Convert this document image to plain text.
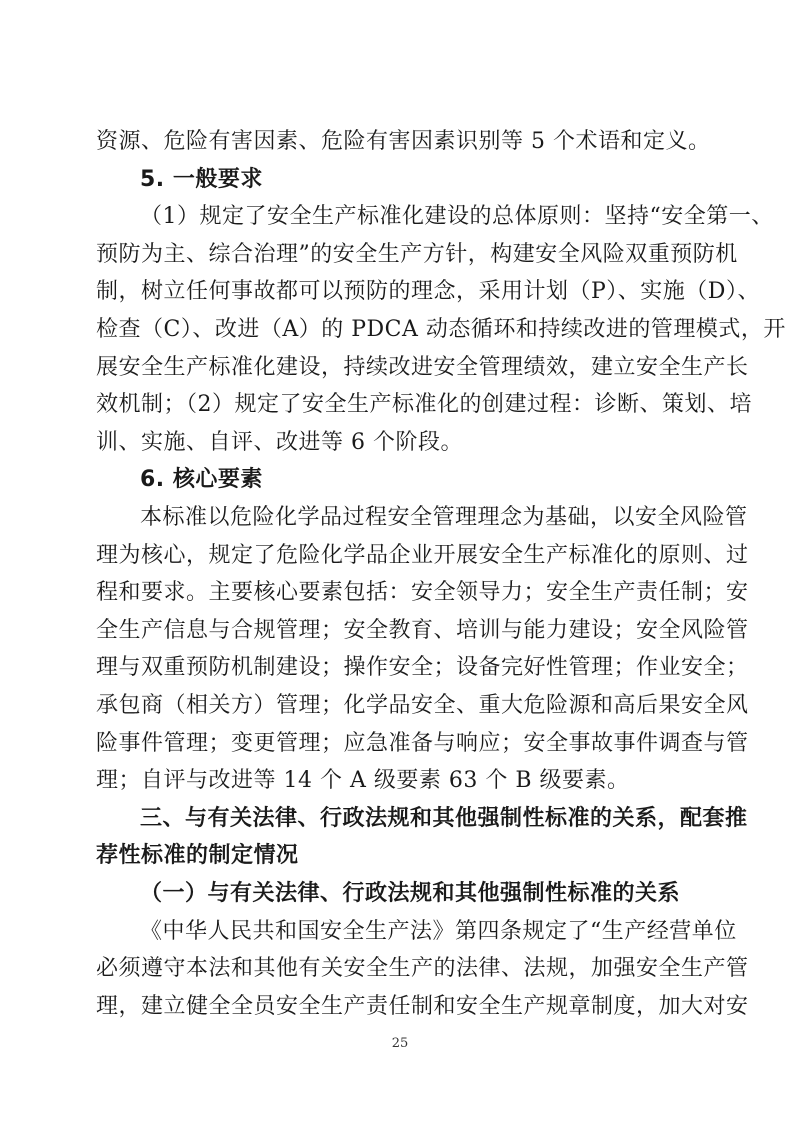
资源、危险有害因素、危险有害因素识别等 5 个术语和定义。
5. 一般要求
（1）规定了安全生产标准化建设的总体原则：坚持“安全第一、
预防为主、综合治理”的安全生产方针，构建安全风险双重预防机
制，树立任何事故都可以预防的理念，采用计划（P）、实施（D）、
检查（C）、改进（A）的 PDCA 动态循环和持续改进的管理模式，开
展安全生产标准化建设，持续改进安全管理绩效，建立安全生产长
效机制；（2）规定了安全生产标准化的创建过程：诊断、策划、培
训、实施、自评、改进等 6 个阶段。
6. 核心要素
本标准以危险化学品过程安全管理理念为基础，以安全风险管
理为核心，规定了危险化学品企业开展安全生产标准化的原则、过
程和要求。主要核心要素包括：安全领导力；安全生产责任制；安
全生产信息与合规管理；安全教育、培训与能力建设；安全风险管
理与双重预防机制建设；操作安全；设备完好性管理；作业安全；
承包商（相关方）管理；化学品安全、重大危险源和高后果安全风
险事件管理；变更管理；应急准备与响应；安全事故事件调查与管
理；自评与改进等 14 个 A 级要素 63 个 B 级要素。
三、与有关法律、行政法规和其他强制性标准的关系，配套推
荐性标准的制定情况
（一）与有关法律、行政法规和其他强制性标准的关系
《中华人民共和国安全生产法》第四条规定了“生产经营单位
必须遵守本法和其他有关安全生产的法律、法规，加强安全生产管
理，建立健全全员安全生产责任制和安全生产规章制度，加大对安
25
